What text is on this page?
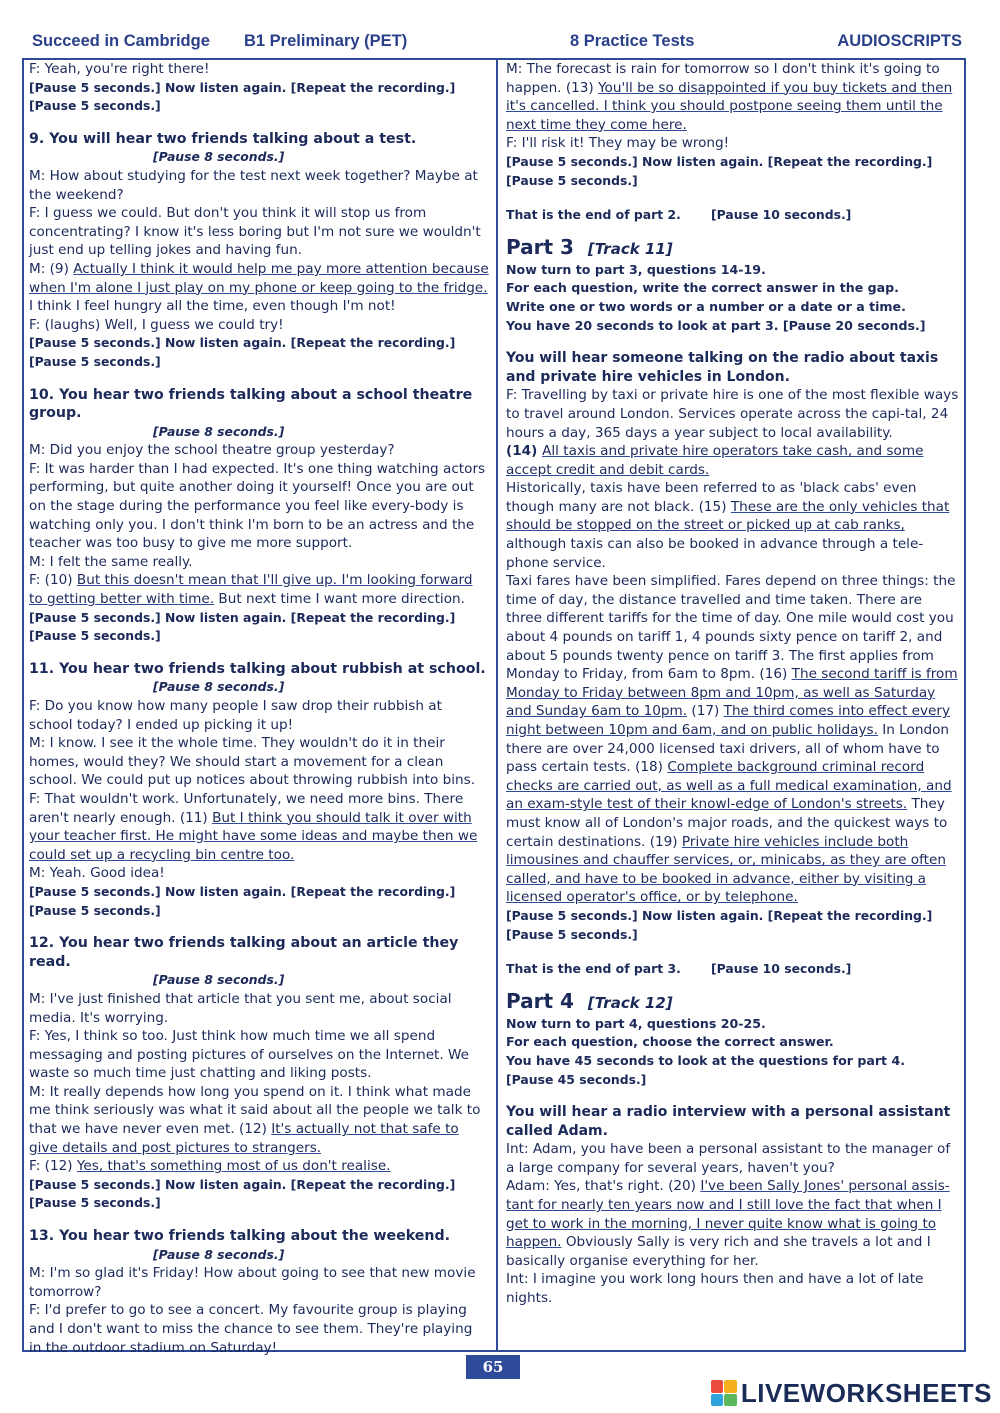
Succeed in Cambridge B1 Preliminary (PET)	8 Practice Tests	AUDIOSCRIPTS

F: Yeah, you're right there!

[Pause 5 seconds.] Now listen again. [Repeat the recording.]

[Pause 5 seconds.]

9. You will hear two friends talking about a test.

[Pause 8 seconds.]

M: How about studying for the test next week together? Maybe at the weekend?

F: I guess we could. But don't you think it will stop us from concentrating? I know it's less boring but I'm not sure we wouldn't just end up telling jokes and having fun.

M: (9) Actually I think it would help me pay more attention because when I'm alone I just play on my phone or keep going to the fridge. I think I feel hungry all the time, even though I'm not!

F: (laughs) Well, I guess we could try!

[Pause 5 seconds.] Now listen again. [Repeat the recording.]

[Pause 5 seconds.]

10. You hear two friends talking about a school theatre group.

[Pause 8 seconds.]

M: Did you enjoy the school theatre group yesterday?

F: It was harder than I had expected. It's one thing watching actors performing, but quite another doing it yourself! Once you are out on the stage during the performance you feel like every-body is watching only you. I don't think I'm born to be an actress and the teacher was too busy to give me more support.

M: I felt the same really.

F: (10) But this doesn't mean that I'll give up. I'm looking forward to getting better with time. But next time I want more direction.

[Pause 5 seconds.] Now listen again. [Repeat the recording.]

[Pause 5 seconds.]

11. You hear two friends talking about rubbish at school.

[Pause 8 seconds.]

F: Do you know how many people I saw drop their rubbish at school today? I ended up picking it up!

M: I know. I see it the whole time. They wouldn't do it in their homes, would they? We should start a movement for a clean school. We could put up notices about throwing rubbish into bins.

F: That wouldn't work. Unfortunately, we need more bins. There aren't nearly enough. (11) But I think you should talk it over with your teacher first. He might have some ideas and maybe then we could set up a recycling bin centre too.

M: Yeah. Good idea!

[Pause 5 seconds.] Now listen again. [Repeat the recording.]

[Pause 5 seconds.]

12. You hear two friends talking about an article they read.

[Pause 8 seconds.]

M: I've just finished that article that you sent me, about social media. It's worrying.

F: Yes, I think so too. Just think how much time we all spend messaging and posting pictures of ourselves on the Internet. We waste so much time just chatting and liking posts.

M: It really depends how long you spend on it. I think what made me think seriously was what it said about all the people we talk to that we have never even met. (12) It's actually not that safe to give details and post pictures to strangers.

F: (12) Yes, that's something most of us don't realise.

[Pause 5 seconds.] Now listen again. [Repeat the recording.]

[Pause 5 seconds.]

13. You hear two friends talking about the weekend.

[Pause 8 seconds.]

M: I'm so glad it's Friday! How about going to see that new movie tomorrow?

F: I'd prefer to go to see a concert. My favourite group is playing and I don't want to miss the chance to see them. They're playing in the outdoor stadium on Saturday!

M: The forecast is rain for tomorrow so I don't think it's going to happen. (13) You'll be so disappointed if you buy tickets and then it's cancelled. I think you should postpone seeing them until the next time they come here.

F: I'll risk it! They may be wrong!

[Pause 5 seconds.] Now listen again. [Repeat the recording.]

[Pause 5 seconds.]

That is the end of part 2.       [Pause 10 seconds.]

Part 3 [Track 11]

Now turn to part 3, questions 14-19.

For each question, write the correct answer in the gap.

Write one or two words or a number or a date or a time.

You have 20 seconds to look at part 3. [Pause 20 seconds.]

You will hear someone talking on the radio about taxis and private hire vehicles in London.

F: Travelling by taxi or private hire is one of the most flexible ways to travel around London. Services operate across the capi-tal, 24 hours a day, 365 days a year subject to local availability.

(14) All taxis and private hire operators take cash, and some accept credit and debit cards.

Historically, taxis have been referred to as 'black cabs' even though many are not black. (15) These are the only vehicles that should be stopped on the street or picked up at cab ranks, although taxis can also be booked in advance through a tele-phone service.

Taxi fares have been simplified. Fares depend on three things: the time of day, the distance travelled and time taken. There are three different tariffs for the time of day. One mile would cost you about 4 pounds on tariff 1, 4 pounds sixty pence on tariff 2, and about 5 pounds twenty pence on tariff 3. The first applies from Monday to Friday, from 6am to 8pm. (16) The second tariff is from Monday to Friday between 8pm and 10pm, as well as Saturday and Sunday 6am to 10pm. (17) The third comes into effect every night between 10pm and 6am, and on public holidays. In London there are over 24,000 licensed taxi drivers, all of whom have to pass certain tests. (18) Complete background criminal record checks are carried out, as well as a full medical examination, and an exam-style test of their knowl-edge of London's streets. They must know all of London's major roads, and the quickest ways to certain destinations. (19) Private hire vehicles include both limousines and chauffer services, or, minicabs, as they are often called, and have to be booked in advance, either by visiting a licensed operator's office, or by telephone.

[Pause 5 seconds.] Now listen again. [Repeat the recording.]

[Pause 5 seconds.]

That is the end of part 3.       [Pause 10 seconds.]

Part 4 [Track 12]

Now turn to part 4, questions 20-25.

For each question, choose the correct answer.

You have 45 seconds to look at the questions for part 4.

[Pause 45 seconds.]

You will hear a radio interview with a personal assistant called Adam.

Int: Adam, you have been a personal assistant to the manager of a large company for several years, haven't you?

Adam: Yes, that's right. (20) I've been Sally Jones' personal assis-tant for nearly ten years now and I still love the fact that when I get to work in the morning, I never quite know what is going to happen. Obviously Sally is very rich and she travels a lot and I basically organise everything for her.

Int: I imagine you work long hours then and have a lot of late nights.

65
LIVEWORKSHEETS
